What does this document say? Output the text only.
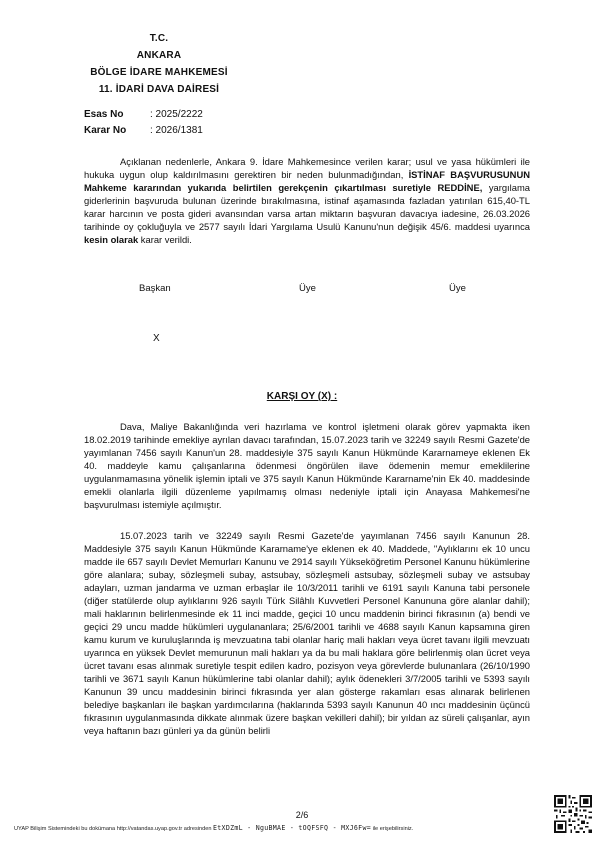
T.C.
ANKARA
BÖLGE İDARE MAHKEMESİ
11. İDARİ DAVA DAİRESİ
Esas No	: 2025/2222
Karar No : 2026/1381

Açıklanan nedenlerle, Ankara 9. İdare Mahkemesince verilen karar; usul ve yasa hükümleri ile hukuka uygun olup kaldırılmasını gerektiren bir neden bulunmadığından, İSTİNAF BAŞVURUSUNUN Mahkeme kararından yukarıda belirtilen gerekçenin çıkartılması suretiyle REDDİNE, yargılama giderlerinin başvuruda bulunan üzerinde bırakılmasına, istinaf aşamasında fazladan yatırılan 615,40-TL karar harcının ve posta gideri avansından varsa artan miktarın başvuran davacıya iadesine, 26.03.2026 tarihinde oy çokluğuyla ve 2577 sayılı İdari Yargılama Usulü Kanunu'nun değişik 45/6. maddesi uyarınca kesin olarak karar verildi.

Başkan	Üye	Üye
X
KARŞI OY (X) :

Dava, Maliye Bakanlığında veri hazırlama ve kontrol işletmeni olarak görev yapmakta iken 18.02.2019 tarihinde emekliye ayrılan davacı tarafından, 15.07.2023 tarih ve 32249 sayılı Resmi Gazete'de yayımlanan 7456 sayılı Kanun'un 28. maddesiyle 375 sayılı Kanun Hükmünde Kararnameye eklenen Ek 40. maddeyle kamu çalışanlarına ödenmesi öngörülen ilave ödemenin memur emeklilerine uygulanmamasına yönelik işlemin iptali ve 375 sayılı Kanun Hükmünde Kararname'nin Ek 40. maddesinde emekli olanlarla ilgili düzenleme yapılmamış olması nedeniyle iptali için Anayasa Mahkemesi'ne başvurulması istemiyle açılmıştır.

15.07.2023 tarih ve 32249 sayılı Resmi Gazete'de yayımlanan 7456 sayılı Kanunun 28. Maddesiyle 375 sayılı Kanun Hükmünde Kararname'ye eklenen ek 40. Maddede, "Aylıklarını ek 10 uncu madde ile 657 sayılı Devlet Memurları Kanunu ve 2914 sayılı Yükseköğretim Personel Kanunu hükümlerine göre alanlara; subay, sözleşmeli subay, astsubay, sözleşmeli astsubay, sözleşmeli subay ve astsubay adayları, uzman jandarma ve uzman erbaşlar ile 10/3/2011 tarihli ve 6191 sayılı Kanuna tabi personele (diğer statülerde olup aylıklarını 926 sayılı Türk Silâhlı Kuvvetleri Personel Kanununa göre alanlar dahil); mali haklarının belirlenmesinde ek 11 inci madde, geçici 10 uncu maddenin birinci fıkrasının (a) bendi ve geçici 29 uncu madde hükümleri uygulananlara; 25/6/2001 tarihli ve 4688 sayılı Kanun kapsamına giren kamu kurum ve kuruluşlarında iş mevzuatına tabi olanlar hariç mali hakları veya ücret tavanı ilgili mevzuatı uyarınca en yüksek Devlet memurunun mali hakları ya da bu mali haklara göre belirlenmiş olan ücret veya ücret tavanı esas alınmak suretiyle tespit edilen kadro, pozisyon veya görevlerde bulunanlara (26/10/1990 tarihli ve 3671 sayılı Kanun hükümlerine tabi olanlar dahil); aylık ödenekleri 3/7/2005 tarihli ve 5393 sayılı Kanunun 39 uncu maddesinin birinci fıkrasında yer alan gösterge rakamları esas alınarak belirlenen belediye başkanları ile başkan yardımcılarına (haklarında 5393 sayılı Kanunun 40 ıncı maddesinin üçüncü fıkrasının uygulanmasında dikkate alınmak üzere başkan vekilleri dahil); bir yıldan az süreli çalışanlar, ayın veya haftanın bazı günleri ya da günün belirli

2/6
UYAP Bilişim Sistemindeki bu dokümana http://vatandas.uyap.gov.tr adresinden EtXDZmL - NguBMAE - tOQFSFQ - MXJ6Fw= ile erişebilirsiniz.
